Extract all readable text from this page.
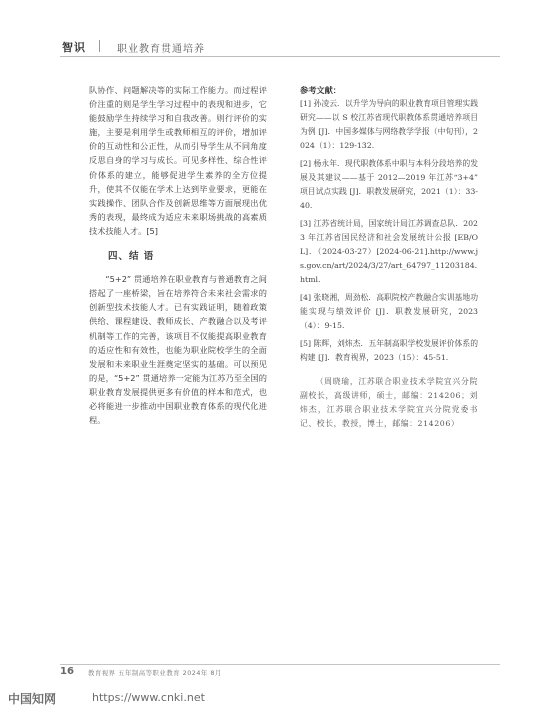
智识	职业教育贯通培养

队协作、问题解决等的实际工作能力。而过程评价注重的则是学生学习过程中的表现和进步，它能鼓励学生持续学习和自我改善。则行评价的实施，主要是利用学生或教师相互的评价，增加评价的互动性和公正性，从而引导学生从不同角度反思自身的学习与成长。可见多样性、综合性评价体系的建立，能够促进学生素养的全方位提升，使其不仅能在学术上达到毕业要求，更能在实践操作、团队合作及创新思维等方面展现出优秀的表现，最终成为适应未来职场挑战的高素质技术技能人才。[5]

四、结 语

“5+2” 贯通培养在职业教育与普通教育之间搭起了一座桥梁，旨在培养符合未来社会需求的创新型技术技能人才。已有实践证明，随着政策供给、课程建设、教师成长、产教融合以及考评机制等工作的完善，该项目不仅能提高职业教育的适应性和有效性，也能为职业院校学生的全面发展和未来职业生涯奠定坚实的基础。可以预见的是，“5+2” 贯通培养一定能为江苏乃至全国的职业教育发展提供更多有价值的样本和范式，也必将能进一步推动中国职业教育体系的现代化进程。

参考文献：

[1] 孙凌云．以升学为导向的职业教育项目管理实践研究——以 S 校江苏省现代职教体系贯通培养项目为例 [J]．中国多媒体与网络教学学报（中旬刊），2024（1）：129-132.

[2] 杨永年．现代职教体系中职与本科分段培养的发展及其建议——基于 2012—2019 年江苏“3+4” 项目试点实践 [J]．职教发展研究，2021（1）：33-40.

[3] 江苏省统计局，国家统计局江苏调查总队．2023 年江苏省国民经济和社会发展统计公报 [EB/OL]．（2024-03-27）[2024-06-21].http://www.js.gov.cn/art/2024/3/27/art_64797_11203184.html.

[4] 张晓湘，周劲松．高职院校产教融合实训基地功能实现与绩效评价 [J]．职教发展研究，2023（4）：9-15.

[5] 陈辉，刘炜杰．五年制高职学校发展评价体系的构建 [J]．教育视界，2023（15）：45-51.

（周晓瑜，江苏联合职业技术学院宜兴分院副校长，高级讲师，硕士，邮编：214206；刘炜杰，江苏联合职业技术学院宜兴分院党委书记、校长，教授，博士，邮编：214206）

16 教育视界 五年制高等职业教育 2024年 8月
中国知网	https://www.cnki.net
